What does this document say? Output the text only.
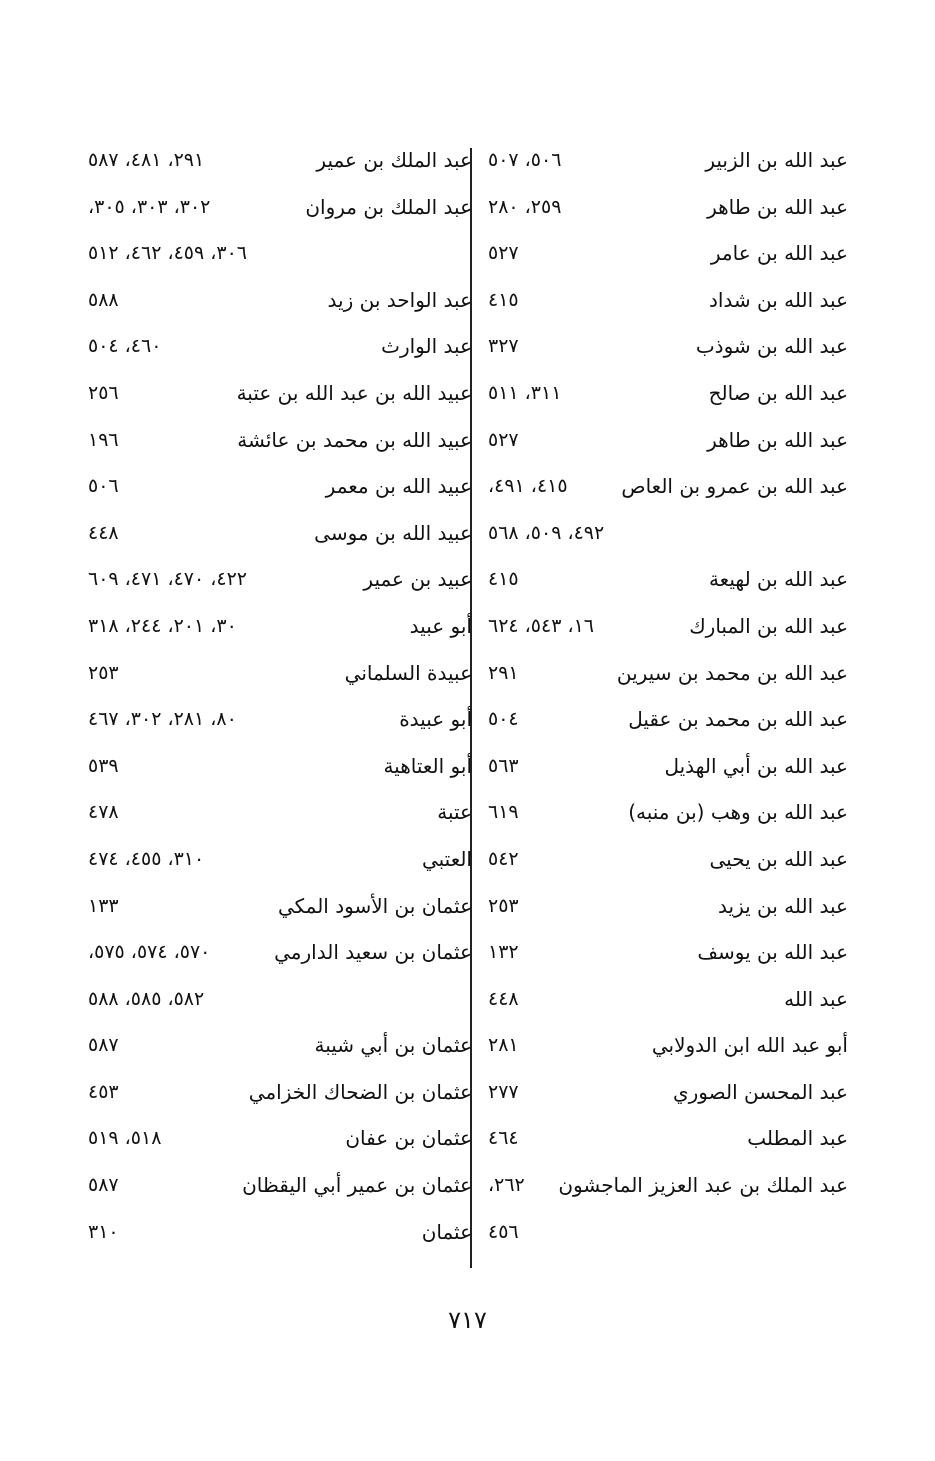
عبد الله بن الزبير
٥٠٦، ٥٠٧
عبد الله بن طاهر
٢٥٩، ٢٨٠
عبد الله بن عامر
٥٢٧
عبد الله بن شداد
٤١٥
عبد الله بن شوذب
٣٢٧
عبد الله بن صالح
٣١١، ٥١١
عبد الله بن طاهر
٥٢٧
عبد الله بن عمرو بن العاص
٤١٥، ٤٩١،
٤٩٢، ٥٠٩، ٥٦٨
عبد الله بن لهيعة
٤١٥
عبد الله بن المبارك
١٦، ٥٤٣، ٦٢٤
عبد الله بن محمد بن سيرين
٢٩١
عبد الله بن محمد بن عقيل
٥٠٤
عبد الله بن أبي الهذيل
٥٦٣
عبد الله بن وهب (بن منبه)
٦١٩
عبد الله بن يحيى
٥٤٢
عبد الله بن يزيد
٢٥٣
عبد الله بن يوسف
١٣٢
عبد الله
٤٤٨
أبو عبد الله ابن الدولابي
٢٨١
عبد المحسن الصوري
٢٧٧
عبد المطلب
٤٦٤
عبد الملك بن عبد العزيز الماجشون
٢٦٢،
٤٥٦
عبد الملك بن عمير
٢٩١، ٤٨١، ٥٨٧
عبد الملك بن مروان
٣٠٢، ٣٠٣، ٣٠٥،
٣٠٦، ٤٥٩، ٤٦٢، ٥١٢
عبد الواحد بن زيد
٥٨٨
عبد الوارث
٤٦٠، ٥٠٤
عبيد الله بن عبد الله بن عتبة
٢٥٦
عبيد الله بن محمد بن عائشة
١٩٦
عبيد الله بن معمر
٥٠٦
عبيد الله بن موسى
٤٤٨
عبيد بن عمير
٤٢٢، ٤٧٠، ٤٧١، ٦٠٩
أبو عبيد
٣٠، ٢٠١، ٢٤٤، ٣١٨
عبيدة السلماني
٢٥٣
أبو عبيدة
٨٠، ٢٨١، ٣٠٢، ٤٦٧
أبو العتاهية
٥٣٩
عتبة
٤٧٨
العتبي
٣١٠، ٤٥٥، ٤٧٤
عثمان بن الأسود المكي
١٣٣
عثمان بن سعيد الدارمي
٥٧٠، ٥٧٤، ٥٧٥،
٥٨٢، ٥٨٥، ٥٨٨
عثمان بن أبي شيبة
٥٨٧
عثمان بن الضحاك الخزامي
٤٥٣
عثمان بن عفان
٥١٨، ٥١٩
عثمان بن عمير أبي اليقظان
٥٨٧
عثمان
٣١٠
٧١٧
